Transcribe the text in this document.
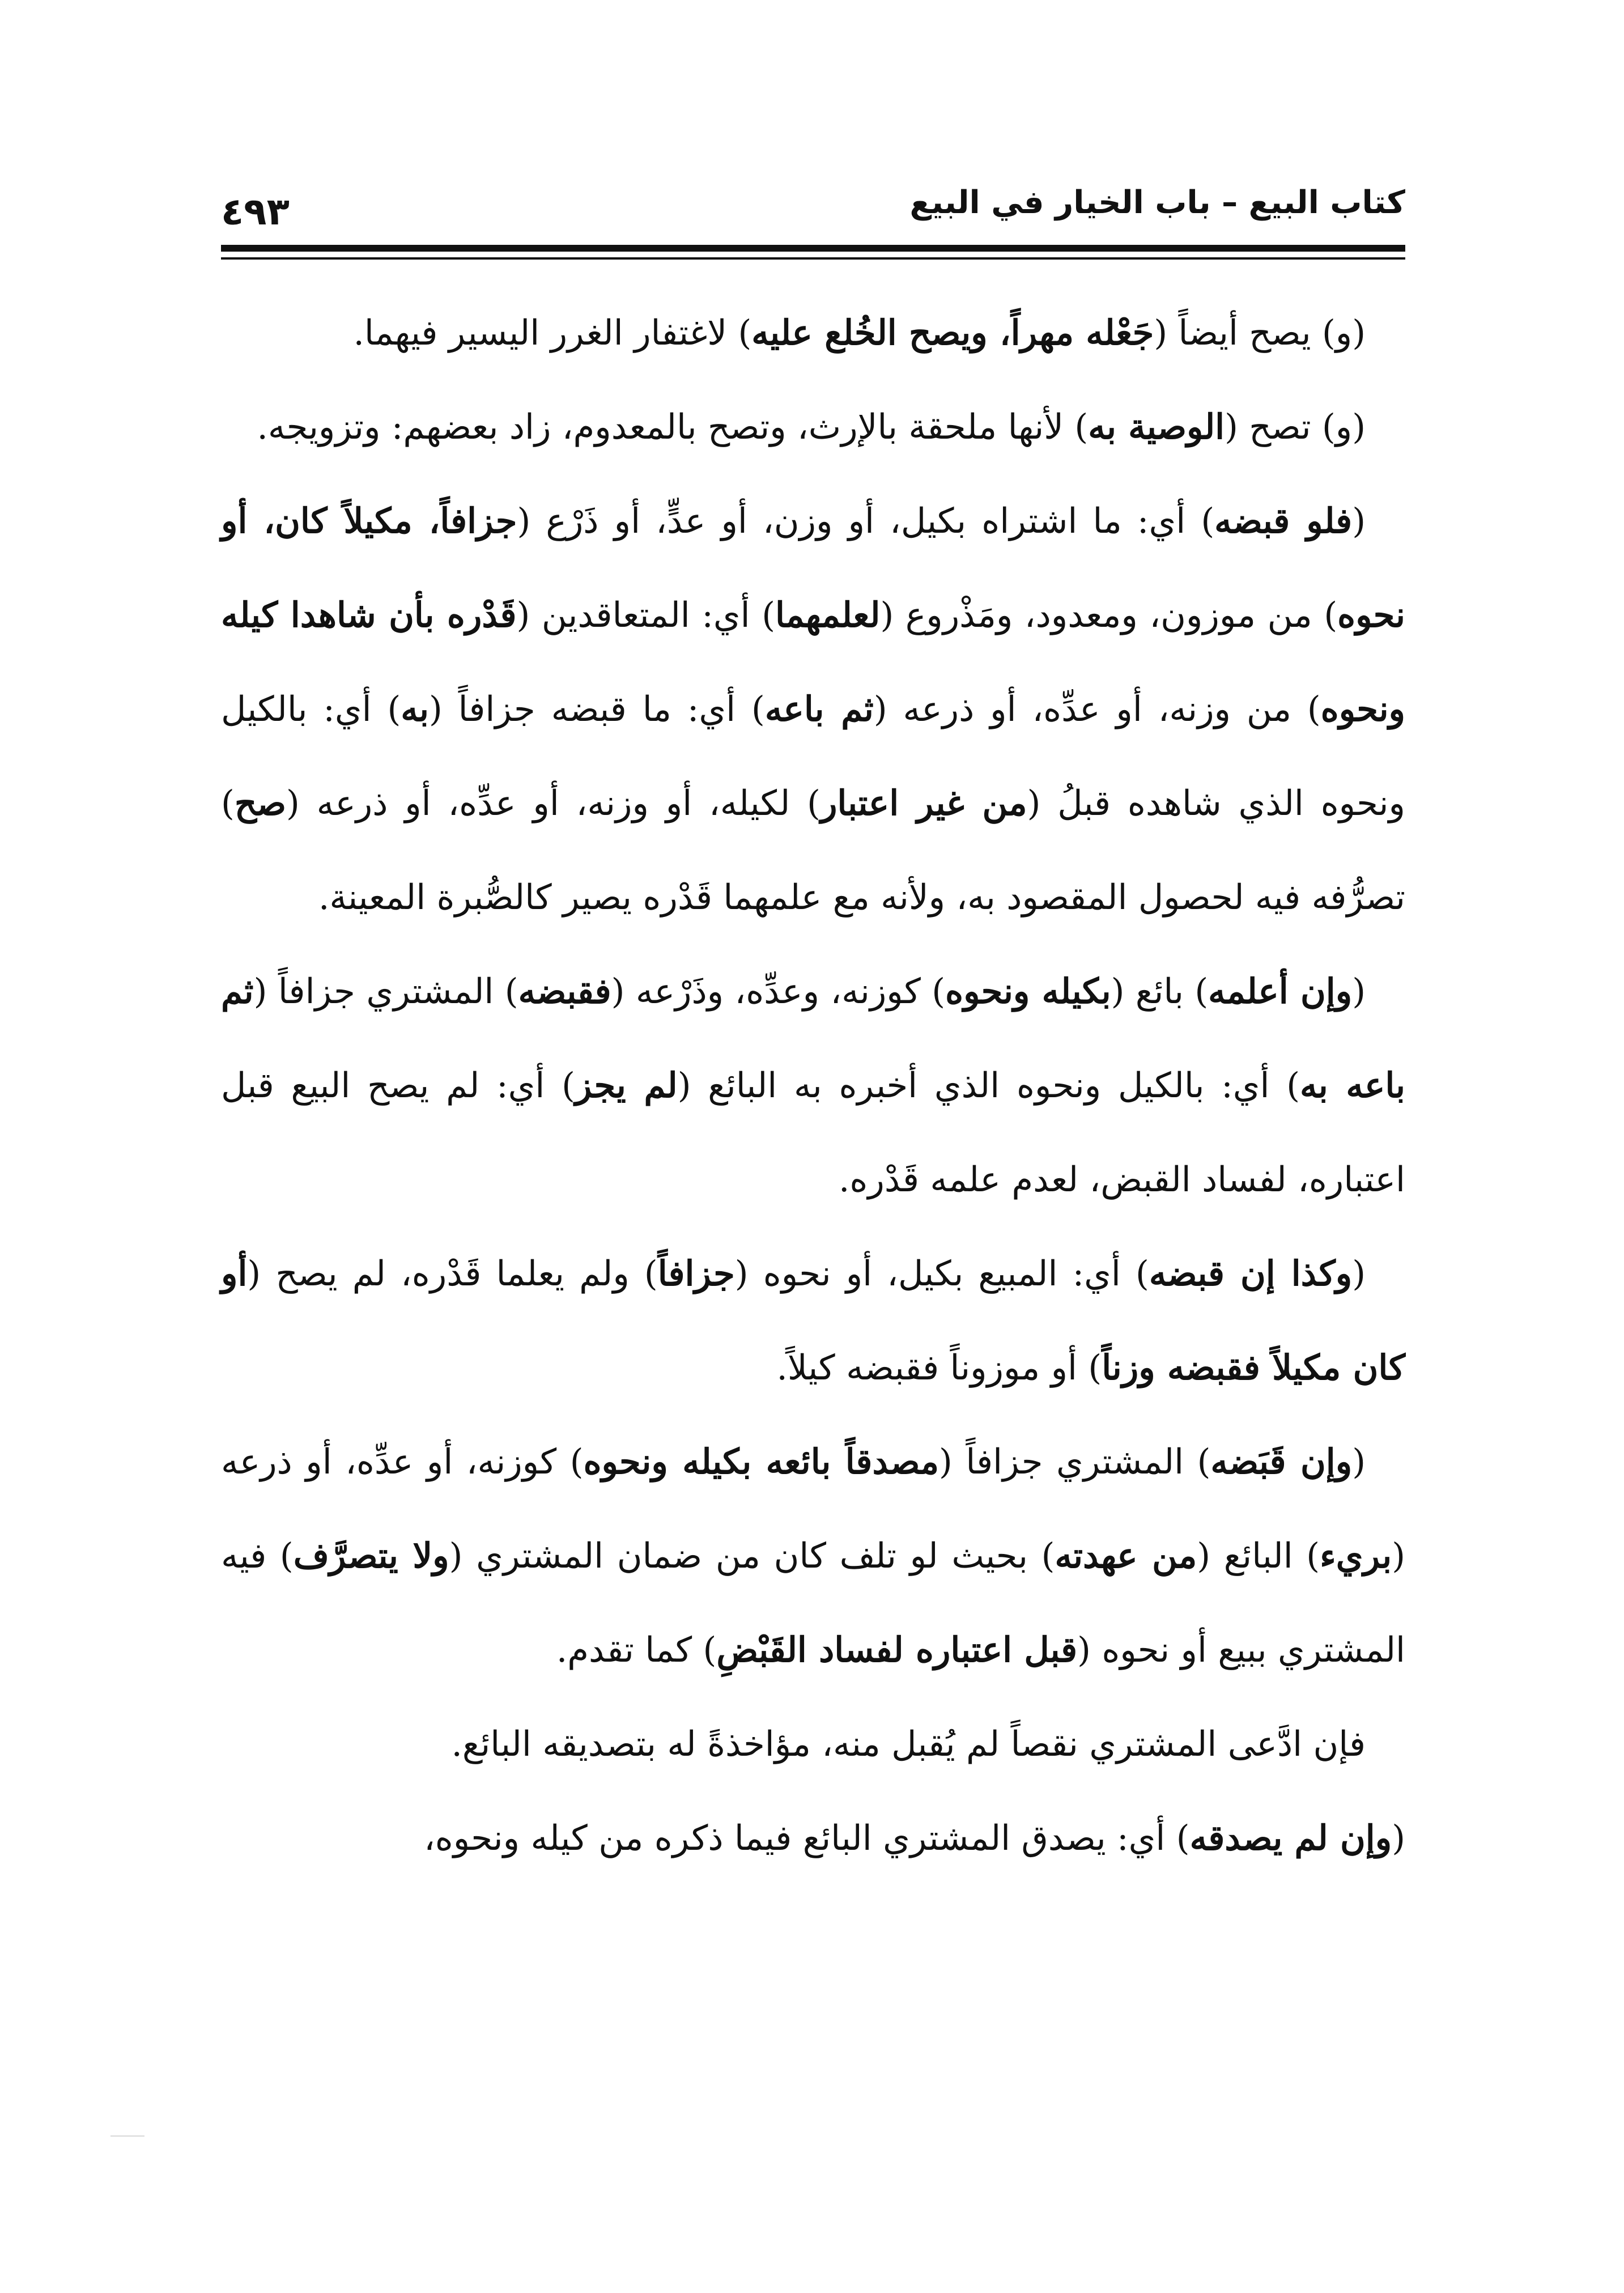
كتاب البيع – باب الخيار في البيع
٤٩٣

(و) يصح أيضاً (جَعْله مهراً، ويصح الخُلع عليه) لاغتفار الغرر اليسير فيهما.

(و) تصح (الوصية به) لأنها ملحقة بالإرث، وتصح بالمعدوم، زاد بعضهم: وتزويجه.

(فلو قبضه) أي: ما اشتراه بكيل، أو وزن، أو عدٍّ، أو ذَرْع (جزافاً، مكيلاً كان، أو نحوه) من موزون، ومعدود، ومَذْروع (لعلمهما) أي: المتعاقدين (قَدْره بأن شاهدا كيله ونحوه) من وزنه، أو عدِّه، أو ذرعه (ثم باعه) أي: ما قبضه جزافاً (به) أي: بالكيل ونحوه الذي شاهده قبلُ (من غير اعتبار) لكيله، أو وزنه، أو عدِّه، أو ذرعه (صح) تصرُّفه فيه لحصول المقصود به، ولأنه مع علمهما قَدْره يصير كالصُّبرة المعينة.

(وإن أعلمه) بائع (بكيله ونحوه) كوزنه، وعدِّه، وذَرْعه (فقبضه) المشتري جزافاً (ثم باعه به) أي: بالكيل ونحوه الذي أخبره به البائع (لم يجز) أي: لم يصح البيع قبل اعتباره، لفساد القبض، لعدم علمه قَدْره.

(وكذا إن قبضه) أي: المبيع بكيل، أو نحوه (جزافاً) ولم يعلما قَدْره، لم يصح (أو كان مكيلاً فقبضه وزناً) أو موزوناً فقبضه كيلاً.

(وإن قَبَضه) المشتري جزافاً (مصدقاً بائعه بكيله ونحوه) كوزنه، أو عدِّه، أو ذرعه (بريء) البائع (من عهدته) بحيث لو تلف كان من ضمان المشتري (ولا يتصرَّف) فيه المشتري ببيع أو نحوه (قبل اعتباره لفساد القَبْضِ) كما تقدم.

فإن ادَّعى المشتري نقصاً لم يُقبل منه، مؤاخذةً له بتصديقه البائع.

(وإن لم يصدقه) أي: يصدق المشتري البائع فيما ذكره من كيله ونحوه،
